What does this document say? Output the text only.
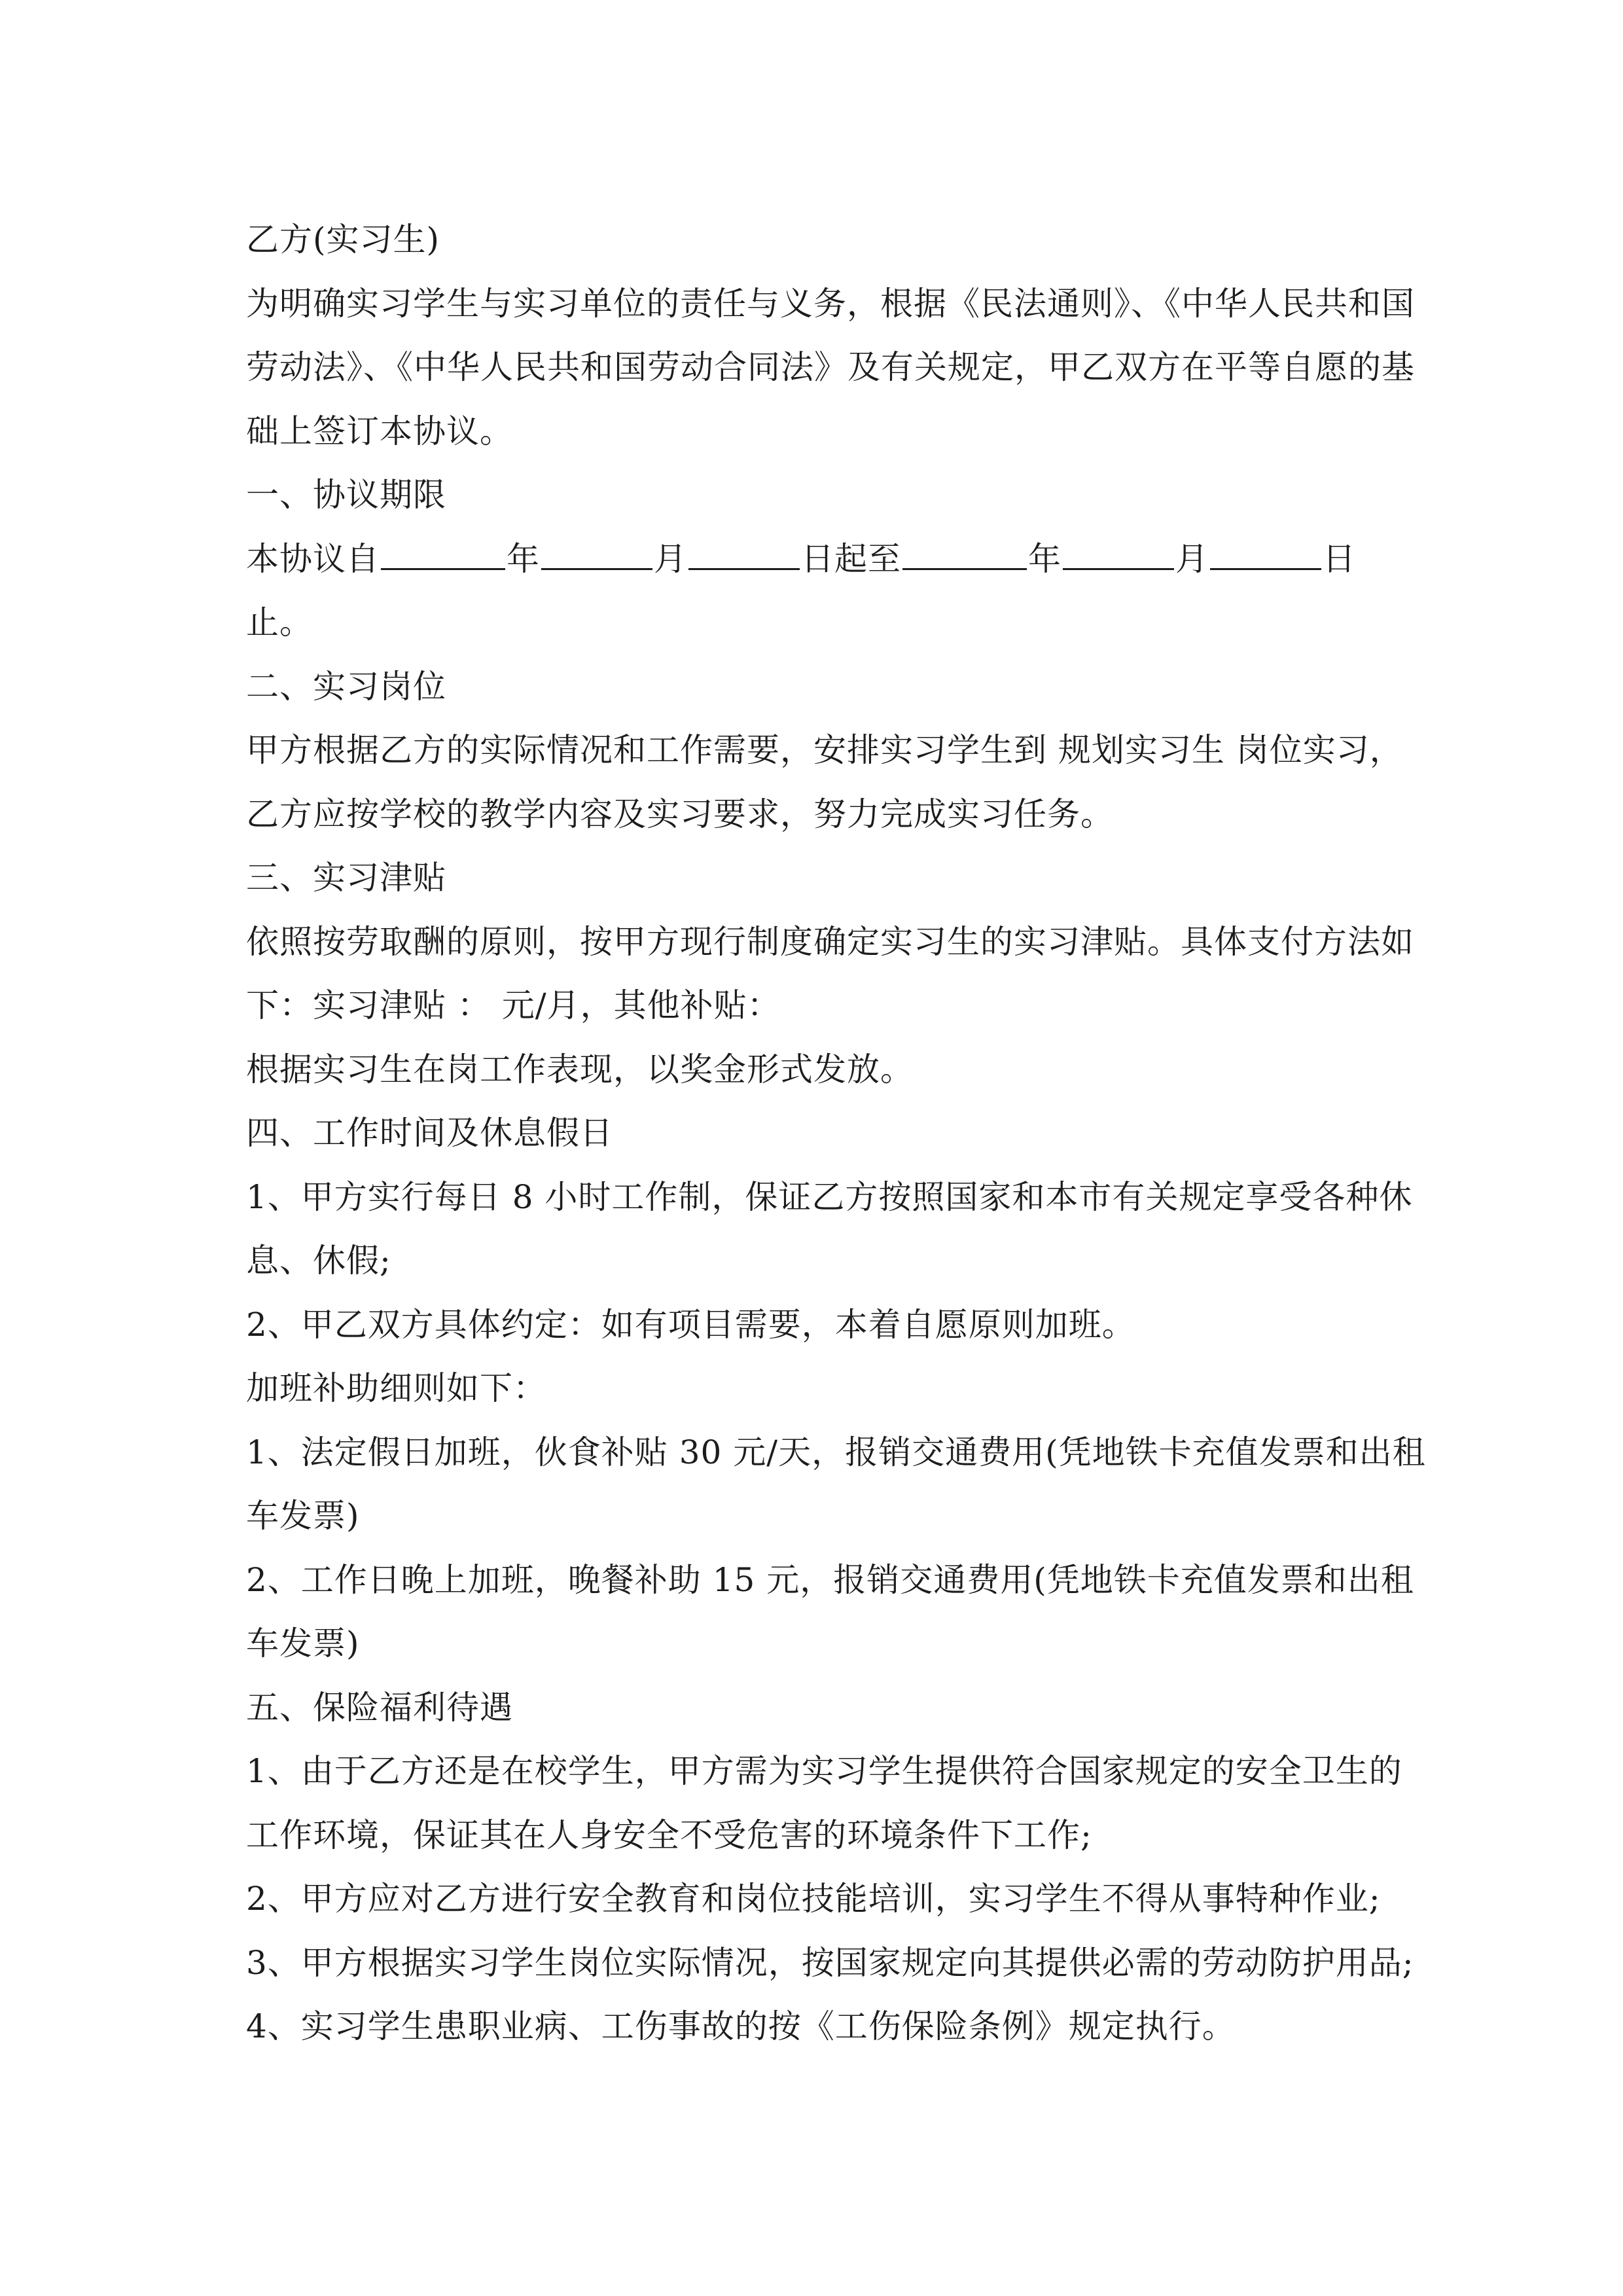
乙方(实习生)
为明确实习学生与实习单位的责任与义务，根据《民法通则》、《中华人民共和国
劳动法》、《中华人民共和国劳动合同法》及有关规定，甲乙双方在平等自愿的基
础上签订本协议。
一、协议期限
本协议自	年	月	日起至	年	月	日
止。
二、实习岗位
甲方根据乙方的实际情况和工作需要，安排实习学生到 规划实习生 岗位实习，
乙方应按学校的教学内容及实习要求，努力完成实习任务。
三、实习津贴
依照按劳取酬的原则，按甲方现行制度确定实习生的实习津贴。具体支付方法如
下：实习津贴 ： 元/月，其他补贴：
根据实习生在岗工作表现，以奖金形式发放。
四、工作时间及休息假日
1、甲方实行每日 8 小时工作制，保证乙方按照国家和本市有关规定享受各种休
息、休假;
2、甲乙双方具体约定：如有项目需要，本着自愿原则加班。
加班补助细则如下：
1、法定假日加班，伙食补贴 30 元/天，报销交通费用(凭地铁卡充值发票和出租
车发票)
2、工作日晚上加班，晚餐补助 15 元，报销交通费用(凭地铁卡充值发票和出租
车发票)
五、保险福利待遇
1、由于乙方还是在校学生，甲方需为实习学生提供符合国家规定的安全卫生的
工作环境，保证其在人身安全不受危害的环境条件下工作;
2、甲方应对乙方进行安全教育和岗位技能培训，实习学生不得从事特种作业;
3、甲方根据实习学生岗位实际情况，按国家规定向其提供必需的劳动防护用品;
4、实习学生患职业病、工伤事故的按《工伤保险条例》规定执行。
